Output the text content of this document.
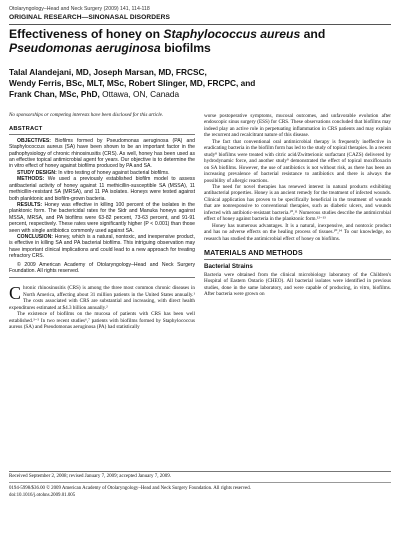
Otolaryngology–Head and Neck Surgery (2009) 141, 114-118
ORIGINAL RESEARCH—SINONASAL DISORDERS
Effectiveness of honey on Staphylococcus aureus and Pseudomonas aeruginosa biofilms
Talal Alandejani, MD, Joseph Marsan, MD, FRCSC,
Wendy Ferris, BSc, MLT, MSc, Robert Slinger, MD, FRCPC, and
Frank Chan, MSc, PhD, Ottawa, ON, Canada

No sponsorships or competing interests have been disclosed for this article.

ABSTRACT

OBJECTIVES: Biofilms formed by Pseudomonas aeruginosa (PA) and Staphylococcus aureus (SA) have been shown to be an important factor in the pathophysiology of chronic rhinosinusitis (CRS). As well, honey has been used as an effective topical antimicrobial agent for years. Our objective is to determine the in vitro effect of honey against biofilms produced by PA and SA.

STUDY DESIGN: In vitro testing of honey against bacterial biofilms.

METHODS: We used a previously established biofilm model to assess antibacterial activity of honey against 11 methicillin-susceptible SA (MSSA), 11 methicillin-resistant SA (MRSA), and 11 PA isolates. Honeys were tested against both planktonic and biofilm-grown bacteria.

RESULTS: Honey was effective in killing 100 percent of the isolates in the planktonic form. The bactericidal rates for the Sidr and Manuka honeys against MSSA, MRSA, and PA biofilms were 63-82 percent, 73-63 percent, and 91-91 percent, respectively. These rates were significantly higher (P < 0.001) than those seen with single antibiotics commonly used against SA.

CONCLUSION: Honey, which is a natural, nontoxic, and inexpensive product, is effective in killing SA and PA bacterial biofilms. This intriguing observation may have important clinical implications and could lead to a new approach for treating refractory CRS.

© 2009 American Academy of Otolaryngology–Head and Neck Surgery Foundation. All rights reserved.

Chronic rhinosinusitis (CRS) is among the three most common chronic diseases in North America, affecting about 31 million patients in the United States annually.¹ The costs associated with CRS are substantial and increasing, with direct health expenditures estimated at $4.3 billion annually.²

The existence of biofilms on the mucosa of patients with CRS has been well established.³⁻⁵ In two recent studies⁶,⁷ patients with biofilms formed by Staphylococcus aureus (SA) and Pseudomonas aeruginosa (PA) had statistically

worse postoperative symptoms, mucosal outcomes, and unfavorable evolution after endoscopic sinus surgery (ESS) for CRS. These observations concluded that biofilms may indeed play an active role in perpetuating inflammation in CRS patients and may explain the recurrent and recalcitrant nature of this disease.

The fact that conventional oral antimicrobial therapy is frequently ineffective in eradicating bacteria in the biofilm form has led to the study of topical therapies. In a recent study⁸ biofilms were treated with citric acid/Zwitterionic surfactant (CAZS) delivered by hydrodynamic force, and another study⁹ demonstrated the effect of topical moxifloxacin on SA biofilms. However, the use of antibiotics is not without risk, as there has been an increasing prevalence of bacterial resistance to antibiotics and there is always the possibility of allergic reactions.

The need for novel therapies has renewed interest in natural products exhibiting antibacterial properties. Honey is an ancient remedy for the treatment of infected wounds. Clinical application has proven to be specifically beneficial in the treatment of wounds that are nonresponsive to conventional therapies, such as diabetic ulcers, and wounds infected with antibiotic-resistant bacteria.¹⁰,¹¹ Numerous studies describe the antimicrobial effect of honey against bacteria in the planktonic form.¹²⁻¹³

Honey has numerous advantages. It is a natural, inexpensive, and nontoxic product and has no adverse effects on the healing process of tissues.¹⁰,¹⁴ To our knowledge, no research has studied the antimicrobial effect of honey on biofilms.

MATERIALS AND METHODS
Bacterial Strains

Bacteria were obtained from the clinical microbiology laboratory of the Children's Hospital of Eastern Ontario (CHEO). All bacterial isolates were identified in previous studies, done in the same laboratory, and were capable of producing, in vitro, biofilms. After bacteria were grown on

Received September 2, 2008; revised January 7, 2009; accepted January 7, 2009.
0194-5998/$36.00 © 2009 American Academy of Otolaryngology–Head and Neck Surgery Foundation. All rights reserved.
doi:10.1016/j.otohns.2009.01.005
